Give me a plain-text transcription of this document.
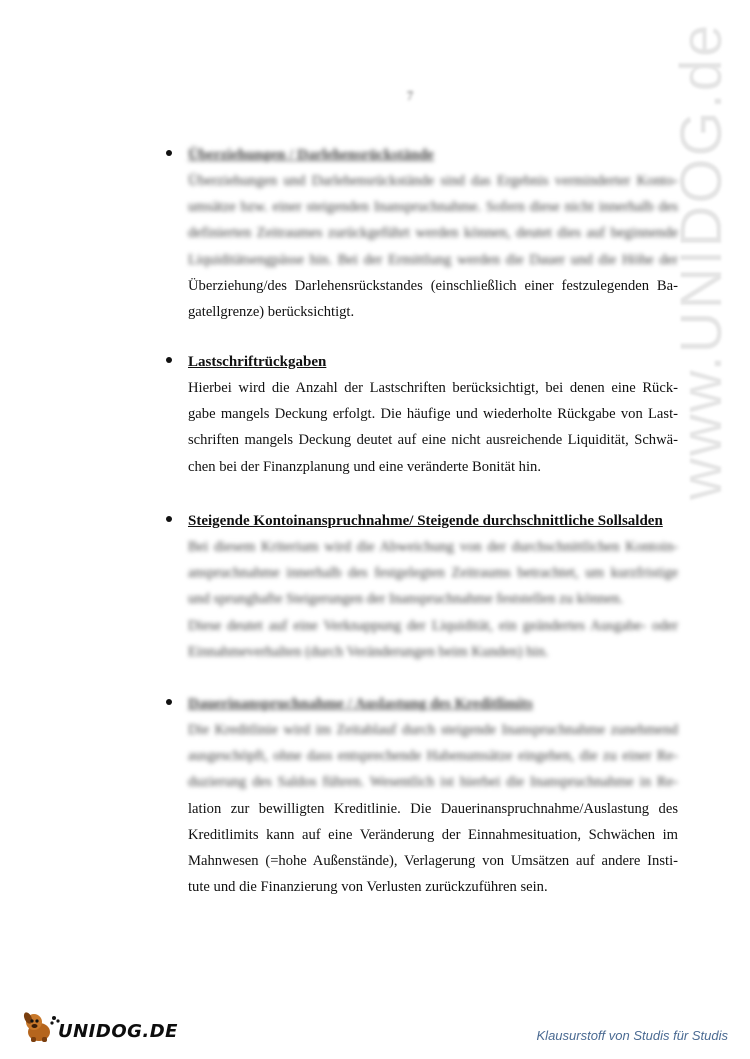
7	www.UNIDOG.de
Überziehungen / Darlehensrückstände
Überziehungen und Darlehensrückstände sind das Ergebnis verminderter Konto-
umsätze bzw. einer steigenden Inanspruchnahme. Sofern diese nicht innerhalb des
definierten Zeitraumes zurückgeführt werden können, deutet dies auf beginnende
Liquiditätsengpässe hin. Bei der Ermittlung werden die Dauer und die Höhe der
Überziehung/des Darlehensrückstandes (einschließlich einer festzulegenden Ba-
gatellgrenze) berücksichtigt.
Lastschriftrückgaben
Hierbei wird die Anzahl der Lastschriften berücksichtigt, bei denen eine Rück-
gabe mangels Deckung erfolgt. Die häufige und wiederholte Rückgabe von Last-
schriften mangels Deckung deutet auf eine nicht ausreichende Liquidität, Schwä-
chen bei der Finanzplanung und eine veränderte Bonität hin.
Steigende Kontoinanspruchnahme/ Steigende durchschnittliche Sollsalden
Bei diesem Kriterium wird die Abweichung von der durchschnittlichen Kontoin-
anspruchnahme innerhalb des festgelegten Zeitraums betrachtet, um kurzfristige
und sprunghafte Steigerungen der Inanspruchnahme feststellen zu können.
Diese deutet auf eine Verknappung der Liquidität, ein geändertes Ausgabe- oder
Einnahmeverhalten (durch Veränderungen beim Kunden) hin.
Dauerinanspruchnahme / Auslastung des Kreditlimits
Die Kreditlinie wird im Zeitablauf durch steigende Inanspruchnahme zunehmend
ausgeschöpft, ohne dass entsprechende Habenumsätze eingehen, die zu einer Re-
duzierung des Saldos führen. Wesentlich ist hierbei die Inanspruchnahme in Re-
lation zur bewilligten Kreditlinie. Die Dauerinanspruchnahme/Auslastung des
Kreditlimits kann auf eine Veränderung der Einnahmesituation, Schwächen im
Mahnwesen (=hohe Außenstände), Verlagerung von Umsätzen auf andere Insti-
tute und die Finanzierung von Verlusten zurückzuführen sein.
UNIDOG.DE	Klausurstoff von Studis für Studis
